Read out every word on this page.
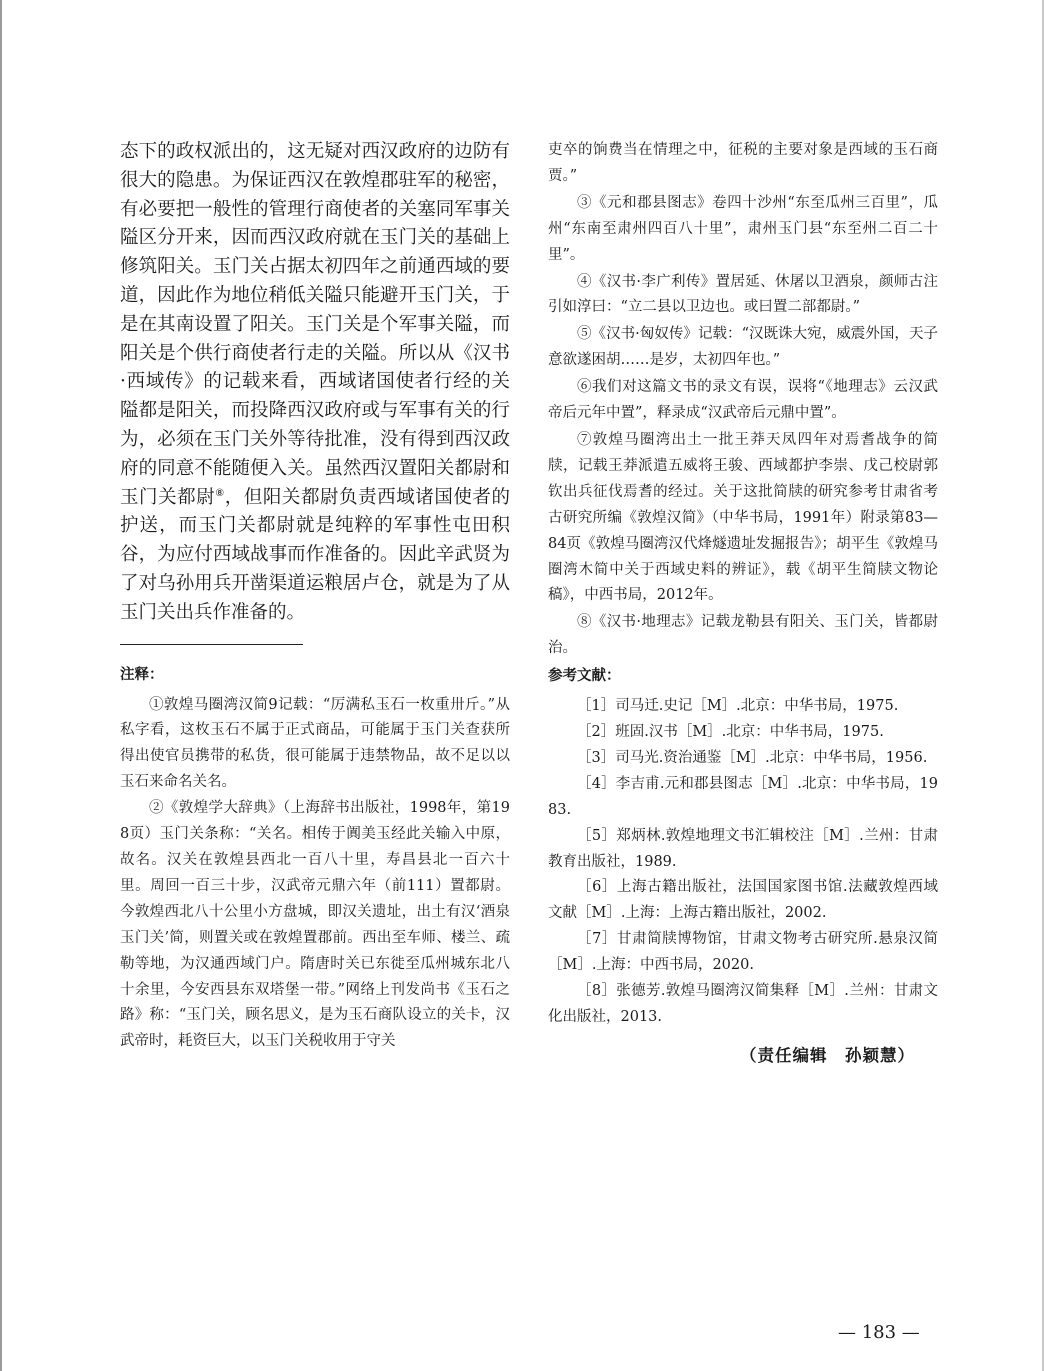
态下的政权派出的，这无疑对西汉政府的边防有很大的隐患。为保证西汉在敦煌郡驻军的秘密，有必要把一般性的管理行商使者的关塞同军事关隘区分开来，因而西汉政府就在玉门关的基础上修筑阳关。玉门关占据太初四年之前通西域的要道，因此作为地位稍低关隘只能避开玉门关，于是在其南设置了阳关。玉门关是个军事关隘，而阳关是个供行商使者行走的关隘。所以从《汉书·西域传》的记载来看，西域诸国使者行经的关隘都是阳关，而投降西汉政府或与军事有关的行为，必须在玉门关外等待批准，没有得到西汉政府的同意不能随便入关。虽然西汉置阳关都尉和玉门关都尉⑧，但阳关都尉负责西域诸国使者的护送，而玉门关都尉就是纯粹的军事性屯田积谷，为应付西域战事而作准备的。因此辛武贤为了对乌孙用兵开凿渠道运粮居卢仓，就是为了从玉门关出兵作准备的。

注释：

①敦煌马圈湾汉简9记载：“厉满私玉石一枚重卅斤。”从私字看，这枚玉石不属于正式商品，可能属于玉门关查获所得出使官员携带的私货，很可能属于违禁物品，故不足以以玉石来命名关名。

②《敦煌学大辞典》（上海辞书出版社，1998年，第198页）玉门关条称：“关名。相传于阗美玉经此关输入中原，故名。汉关在敦煌县西北一百八十里，寿昌县北一百六十里。周回一百三十步，汉武帝元鼎六年（前111）置都尉。今敦煌西北八十公里小方盘城，即汉关遗址，出土有汉‘酒泉玉门关’简，则置关或在敦煌置郡前。西出至车师、楼兰、疏勒等地，为汉通西域门户。隋唐时关已东徙至瓜州城东北八十余里，今安西县东双塔堡一带。”网络上刊发尚书《玉石之路》称：“玉门关，顾名思义，是为玉石商队设立的关卡，汉武帝时，耗资巨大，以玉门关税收用于守关

吏卒的饷费当在情理之中，征税的主要对象是西域的玉石商贾。”

③《元和郡县图志》卷四十沙州“东至瓜州三百里”，瓜州“东南至肃州四百八十里”，肃州玉门县“东至州二百二十里”。

④《汉书·李广利传》置居延、休屠以卫酒泉，颜师古注引如淳曰：“立二县以卫边也。或曰置二部都尉。”

⑤《汉书·匈奴传》记载：“汉既诛大宛，威震外国，天子意欲遂困胡……是岁，太初四年也。”

⑥我们对这篇文书的录文有误，误将“《地理志》云汉武帝后元年中置”，释录成“汉武帝后元鼎中置”。

⑦敦煌马圈湾出土一批王莽天凤四年对焉耆战争的简牍，记载王莽派遣五威将王骏、西域都护李崇、戊己校尉郭钦出兵征伐焉耆的经过。关于这批简牍的研究参考甘肃省考古研究所编《敦煌汉简》（中华书局，1991年）附录第83—84页《敦煌马圈湾汉代烽燧遗址发掘报告》；胡平生《敦煌马圈湾木简中关于西域史料的辨证》，载《胡平生简牍文物论稿》，中西书局，2012年。

⑧《汉书·地理志》记载龙勒县有阳关、玉门关，皆都尉治。

参考文献：

［1］司马迁.史记［M］.北京：中华书局，1975.

［2］班固.汉书［M］.北京：中华书局，1975.

［3］司马光.资治通鉴［M］.北京：中华书局，1956.

［4］李吉甫.元和郡县图志［M］.北京：中华书局，1983.

［5］郑炳林.敦煌地理文书汇辑校注［M］.兰州：甘肃教育出版社，1989.

［6］上海古籍出版社，法国国家图书馆.法藏敦煌西域文献［M］.上海：上海古籍出版社，2002.

［7］甘肃简牍博物馆，甘肃文物考古研究所.悬泉汉简［M］.上海：中西书局，2020.

［8］张德芳.敦煌马圈湾汉简集释［M］.兰州：甘肃文化出版社，2013.

（责任编辑　孙颖慧）
— 183 —
